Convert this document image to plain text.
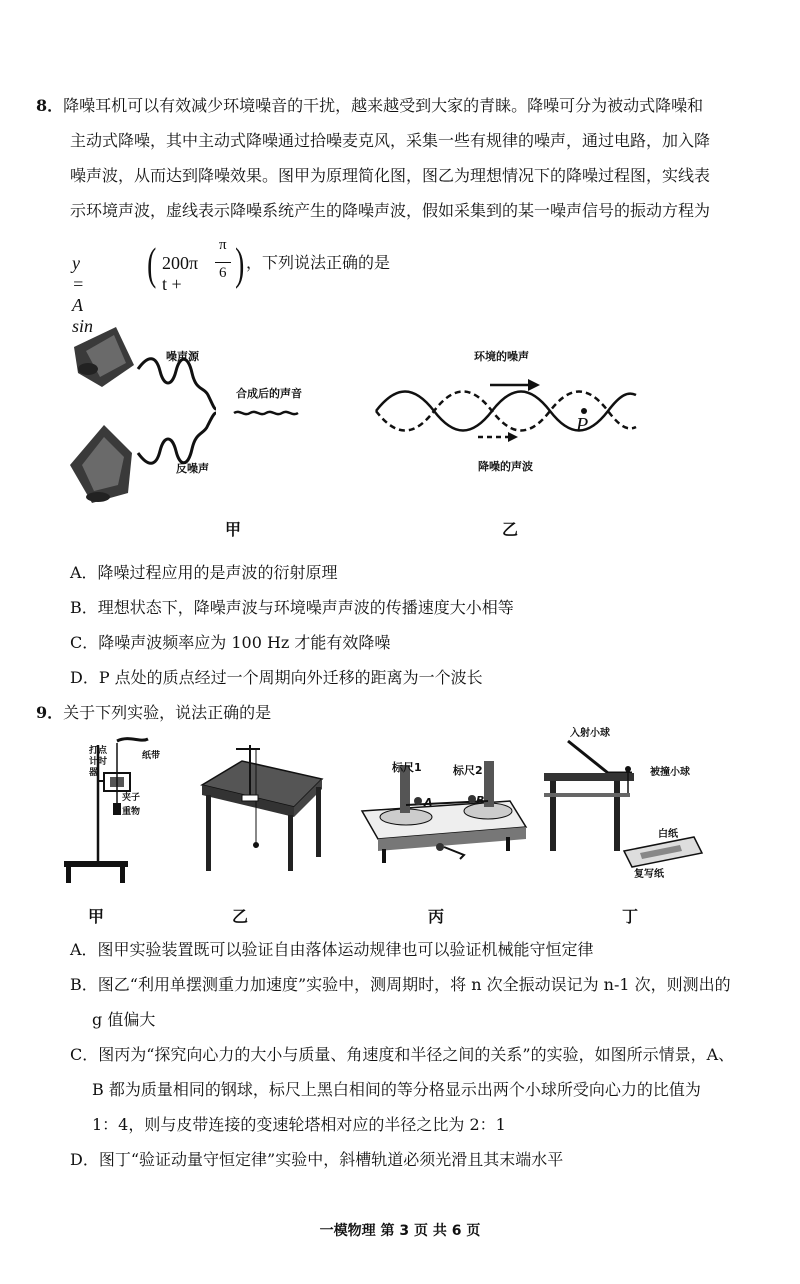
8．降噪耳机可以有效减少环境噪音的干扰，越来越受到大家的青睐。降噪可分为被动式降噪和
主动式降噪，其中主动式降噪通过拾噪麦克风，采集一些有规律的噪声，通过电路，加入降
噪声波，从而达到降噪效果。图甲为原理简化图，图乙为理想情况下的降噪过程图，实线表
示环境声波，虚线表示降噪系统产生的降噪声波，假如采集到的某一噪声信号的振动方程为
y = A sin
( 200π t +
π
6 ) ，下列说法正确的是
噪声源
合成后的声音
反噪声
甲
环境的噪声
降噪的声波
P
乙
A．降噪过程应用的是声波的衍射原理
B．理想状态下，降噪声波与环境噪声声波的传播速度大小相等
C．降噪声波频率应为 100 Hz 才能有效降噪
D．P 点处的质点经过一个周期向外迁移的距离为一个波长
9．关于下列实验，说法正确的是
打点计时器
纸带
夹子
重物
甲	乙
标尺1	标尺2
A	B
丙
入射小球
被撞小球
白纸
复写纸
丁
A．图甲实验装置既可以验证自由落体运动规律也可以验证机械能守恒定律
B．图乙“利用单摆测重力加速度”实验中，测周期时，将 n 次全振动误记为 n-1 次，则测出的
g 值偏大
C．图丙为“探究向心力的大小与质量、角速度和半径之间的关系”的实验，如图所示情景，A、
B 都为质量相同的钢球，标尺上黑白相间的等分格显示出两个小球所受向心力的比值为
1：4，则与皮带连接的变速轮塔相对应的半径之比为 2：1
D．图丁“验证动量守恒定律”实验中，斜槽轨道必须光滑且其末端水平
一模物理 第 3 页 共 6 页
